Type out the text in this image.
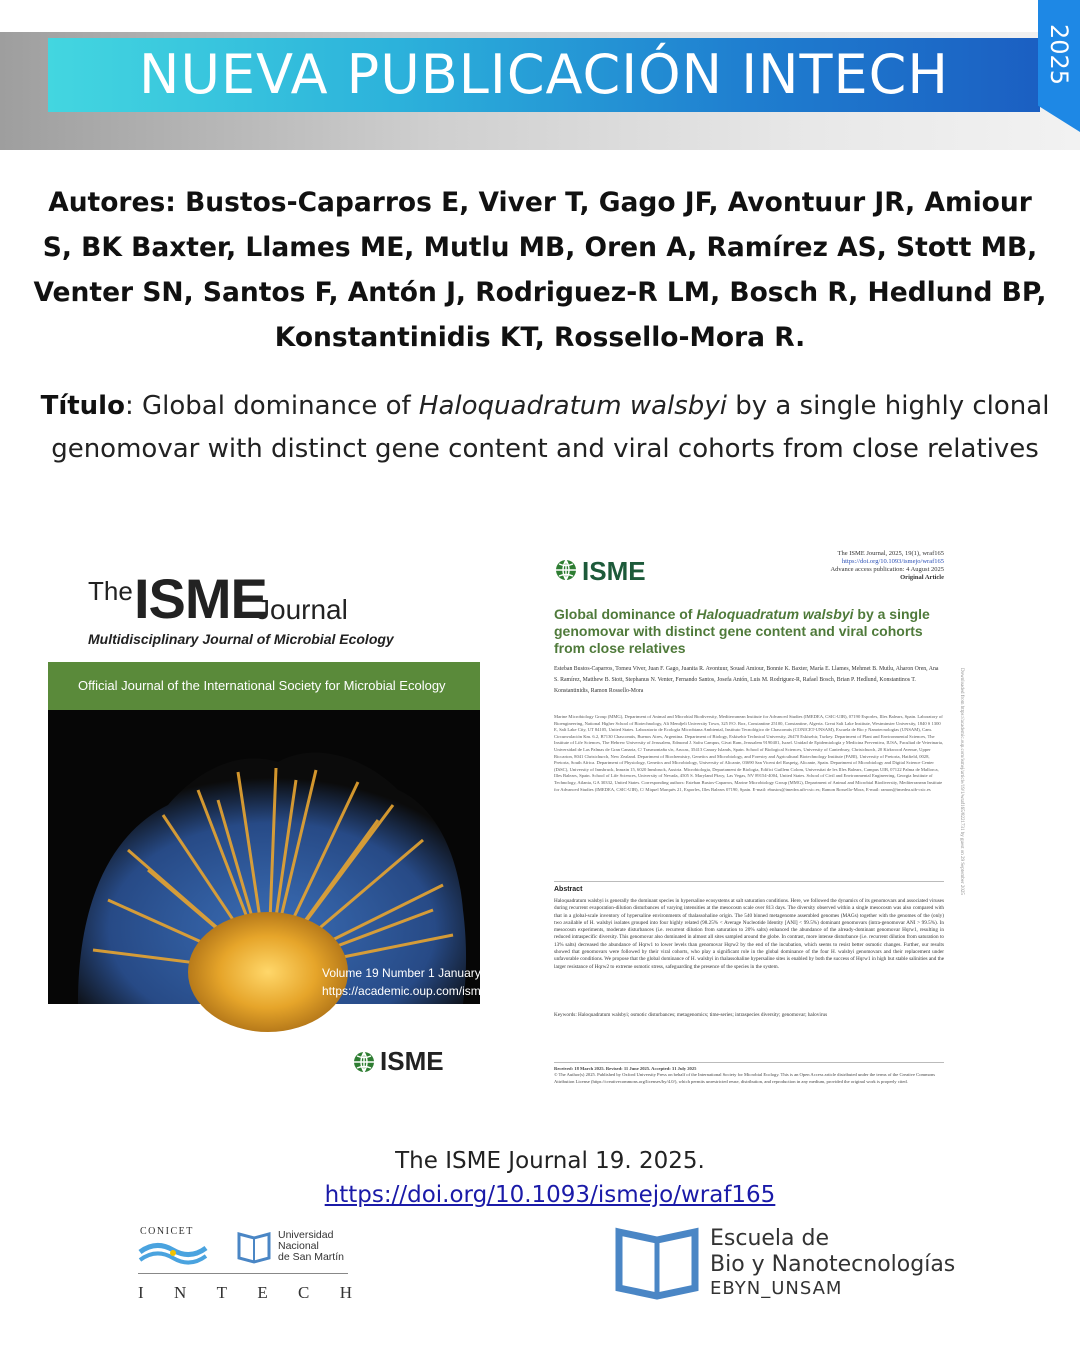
NUEVA PUBLICACIÓN INTECH	2025
Autores: Bustos-Caparros E, Viver T, Gago JF, Avontuur JR, Amiour S, BK Baxter, Llames ME, Mutlu MB, Oren A, Ramírez AS, Stott MB, Venter SN, Santos F, Antón J, Rodriguez-R LM, Bosch R, Hedlund BP, Konstantinidis KT, Rossello-Mora R.
Título: Global dominance of Haloquadratum walsbyi by a single highly clonal genomovar with distinct gene content and viral cohorts from close relatives
The ISME
Journal
Multidisciplinary Journal of Microbial Ecology
Official Journal of the International Society for Microbial Ecology
Volume 19 Number 1 January 2025
https://academic.oup.com/ismej
ISME
ISME
The ISME Journal, 2025, 19(1), wraf165
https://doi.org/10.1093/ismejo/wraf165
Advance access publication: 4 August 2025
Original Article
Global dominance of Haloquadratum walsbyi by a single genomovar with distinct gene content and viral cohorts from close relatives
Esteban Bustos-Caparros, Tomeu Viver, Juan F. Gago, Juanita R. Avontuur, Souad Amiour, Bonnie K. Baxter, María E. Llames, Mehmet B. Mutlu, Aharon Oren, Ana S. Ramírez, Matthew B. Stott, Stephanus N. Venter, Fernando Santos, Josefa Antón, Luis M. Rodriguez-R, Rafael Bosch, Brian P. Hedlund, Konstantinos T. Konstantinidis, Ramon Rossello-Mora
Marine Microbiology Group (MMG), Department of Animal and Microbial Biodiversity, Mediterranean Institute for Advanced Studies (IMEDEA, CSIC-UIB), 07190 Esporles, Illes Balears, Spain. Laboratory of Bioengineering, National Higher School of Biotechnology, Ali Mendjeli University Town, 325 P.O. Box, Constantine 25100, Constantine, Algeria. Great Salt Lake Institute, Westminster University, 1840 S 1300 E, Salt Lake City, UT 84105, United States. Laboratorio de Ecología Microbiana Ambiental, Instituto Tecnológico de Chascomús (CONICET-UNSAM), Escuela de Bio y Nanotecnologías (UNSAM), Cam. Circunvalación Km. 6.2, B7130 Chascomús, Buenos Aires, Argentina. Department of Biology, Eskisehir Technical University, 26470 Eskisehir, Turkey. Department of Plant and Environmental Sciences, The Institute of Life Sciences, The Hebrew University of Jerusalem, Edmond J. Safra Campus, Givat Ram, Jerusalem 9190401, Israel. Unidad de Epidemiología y Medicina Preventiva, IUSA, Facultad de Veterinaria, Universidad de Las Palmas de Gran Canaria, C/ Trasmontaña s/n, Arucas, 35413 Canary Islands, Spain. School of Biological Sciences, University of Canterbury, Christchurch, 20 Kirkwood Avenue, Upper Riccarton, 8041 Christchurch, New Zealand. Department of Biochemistry, Genetics and Microbiology, and Forestry and Agricultural Biotechnology Institute (FABI), University of Pretoria, Hatfield, 0028, Pretoria, South Africa. Department of Physiology, Genetics and Microbiology, University of Alicante, 03690 San Vicent del Raspeig, Alicante, Spain. Department of Microbiology and Digital Science Center (DiSC), University of Innsbruck, Innrain 15, 6020 Innsbruck, Austria. Microbiologia, Departament de Biologia, Edifici Guillem Colom, Universitat de les Illes Balears, Campus UIB, 07122 Palma de Mallorca, Illes Balears, Spain. School of Life Sciences, University of Nevada, 4505 S. Maryland Pkwy, Las Vegas, NV 89154-4004, United States. School of Civil and Environmental Engineering, Georgia Institute of Technology, Atlanta, GA 30332, United States. Corresponding authors: Esteban Bustos-Caparros, Marine Microbiology Group (MMG), Department of Animal and Microbial Biodiversity, Mediterranean Institute for Advanced Studies (IMEDEA, CSIC-UIB), C/ Miquel Marquès 21, Esporles, Illes Balears 07190, Spain. E-mail: ebustos@imedea.uib-csic.es; Ramon Rossello-Mora, E-mail: ramon@imedea.uib-csic.es	Downloaded from https://academic.oup.com/ismej/article/19/1/wraf165/8221731 by guest on 29 September 2025
Abstract
Haloquadratum walsbyi is generally the dominant species in hypersaline ecosystems at salt saturation conditions. Here, we followed the dynamics of its genomovars and associated viruses during recurrent evaporation-dilution disturbances of varying intensities at the mesocosm scale over 813 days. The diversity observed within a single mesocosm was also compared with that in a global-scale inventory of hypersaline environments of thalassohaline origin. The 540 binned metagenome assembled genomes (MAGs) together with the genomes of the (only) two available of H. walsbyi isolates grouped into four highly related (98.25% < Average Nucleotide Identity [ANI] < 99.5%) dominant genomovars (intra-genomovar ANI > 99.5%). In mesocosm experiments, moderate disturbances (i.e. recurrent dilution from saturation to 20% salts) enhanced the abundance of the already-dominant genomovar Hqrw1, resulting in reduced intraspecific diversity. This genomovar also dominated in almost all sites sampled around the globe. In contrast, more intense disturbance (i.e. recurrent dilution from saturation to 13% salts) decreased the abundance of Hqrw1 to lower levels than genomovar Hqrw2 by the end of the incubation, which seems to resist better osmotic changes. Further, our results showed that genomovars were followed by their viral cohorts, who play a significant role in the global dominance of the four H. walsbyi genomovars and their replacement under unfavorable conditions. We propose that the global dominance of H. walsbyi in thalassohaline hypersaline sites is enabled by both the success of Hqrw1 in high but stable salinities and the larger resistance of Hqrw2 to extreme osmotic stress, safeguarding the presence of the species in the system.
Keywords: Haloquadratum walsbyi; osmotic disturbances; metagenomics; time-series; intraspecies diversity; genomovar; halovirus
Received: 18 March 2025. Revised: 11 June 2025. Accepted: 31 July 2025
© The Author(s) 2025. Published by Oxford University Press on behalf of the International Society for Microbial Ecology. This is an Open Access article distributed under the terms of the Creative Commons Attribution License (https://creativecommons.org/licenses/by/4.0/), which permits unrestricted reuse, distribution, and reproduction in any medium, provided the original work is properly cited.
The ISME Journal 19. 2025.
https://doi.org/10.1093/ismejo/wraf165
CONICET	Universidad
Nacional
de San Martín
I N T E C H
Escuela de
Bio y Nanotecnologías
EBYN_UNSAM
